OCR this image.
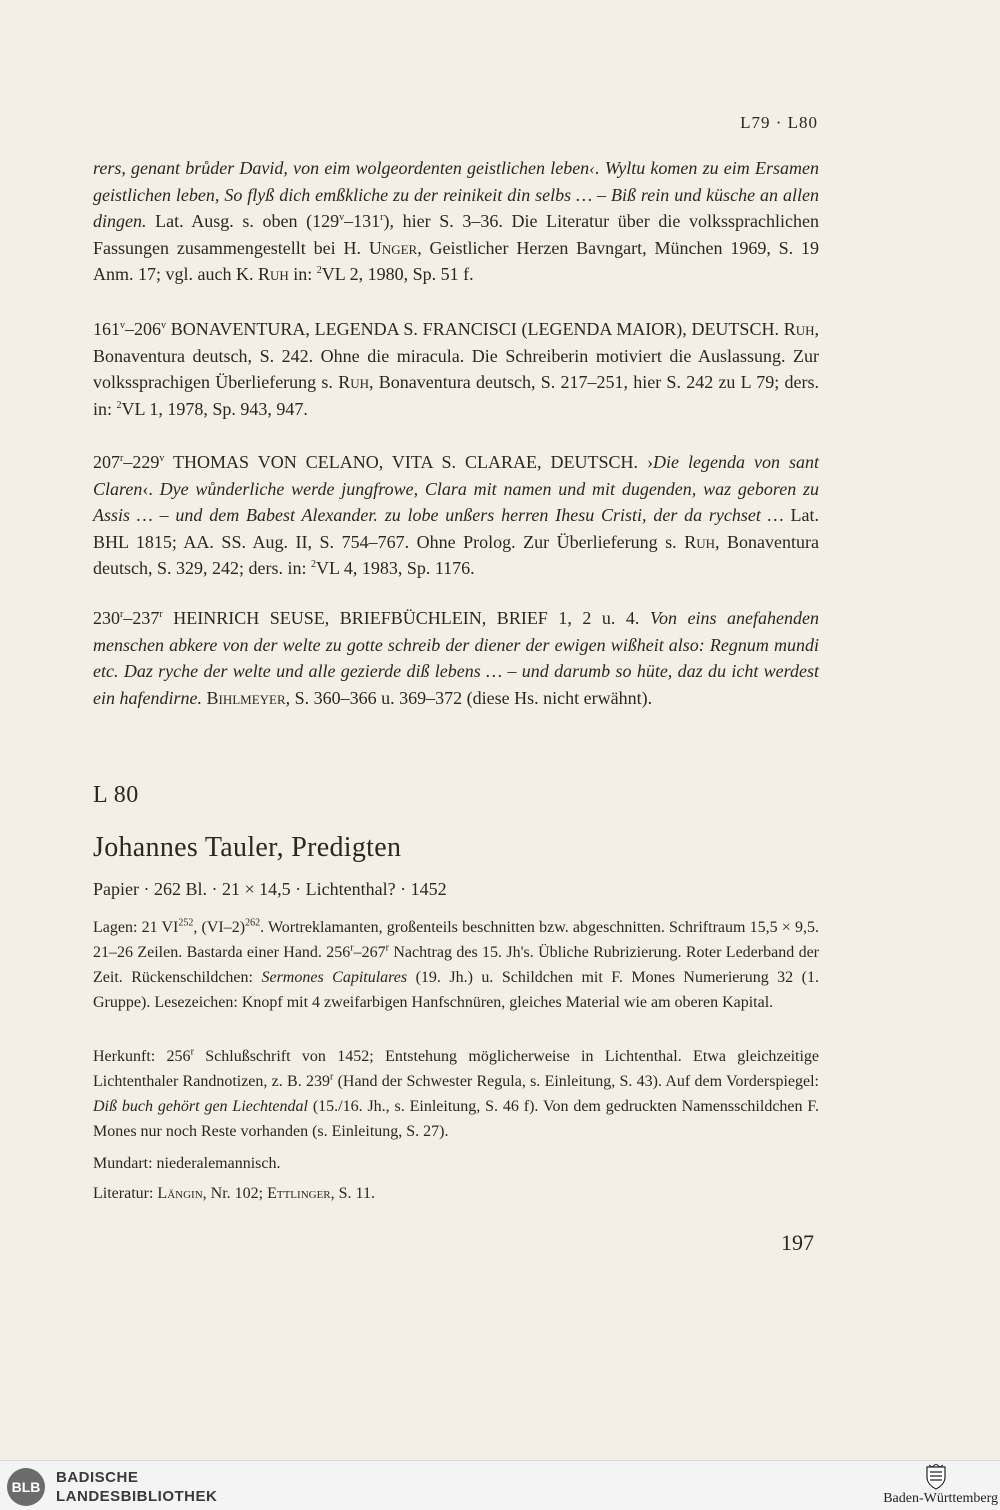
L79 · L80

rers, genant brůder David, von eim wolgeordenten geistlichen leben‹. Wyltu komen zu eim Ersamen geistlichen leben, So flyß dich emßkliche zu der reinikeit din selbs … – Biß rein und küsche an allen dingen. Lat. Ausg. s. oben (129$^v$–131$^r$), hier S. 3–36. Die Literatur über die volkssprachlichen Fassungen zusammengestellt bei H. Unger, Geistlicher Herzen Bavngart, München 1969, S. 19 Anm. 17; vgl. auch K. Ruh in: $^2$VL 2, 1980, Sp. 51 f.

161$^v$–206$^v$ BONAVENTURA, LEGENDA S. FRANCISCI (LEGENDA MAIOR), DEUTSCH. Ruh, Bonaventura deutsch, S. 242. Ohne die miracula. Die Schreiberin motiviert die Auslassung. Zur volkssprachigen Überlieferung s. Ruh, Bonaventura deutsch, S. 217–251, hier S. 242 zu L 79; ders. in: $^2$VL 1, 1978, Sp. 943, 947.

207$^r$–229$^v$ THOMAS VON CELANO, VITA S. CLARAE, DEUTSCH. ›Die legenda von sant Claren‹. Dye wůnderliche werde jungfrowe, Clara mit namen und mit dugenden, waz geboren zu Assis … – und dem Babest Alexander. zu lobe unßers herren Ihesu Cristi, der da rychset … Lat. BHL 1815; AA. SS. Aug. II, S. 754–767. Ohne Prolog. Zur Überlieferung s. Ruh, Bonaventura deutsch, S. 329, 242; ders. in: $^2$VL 4, 1983, Sp. 1176.

230$^r$–237$^r$ HEINRICH SEUSE, BRIEFBÜCHLEIN, BRIEF 1, 2 u. 4. Von eins anefahenden menschen abkere von der welte zu gotte schreib der diener der ewigen wißheit also: Regnum mundi etc. Daz ryche der welte und alle gezierde diß lebens … – und darumb so hüte, daz du icht werdest ein hafendirne. Bihlmeyer, S. 360–366 u. 369–372 (diese Hs. nicht erwähnt).

L 80
Johannes Tauler, Predigten
Papier · 262 Bl. · 21 × 14,5 · Lichtenthal? · 1452

Lagen: 21 VI$^{252}$, $(VI-2)^{262}$. Wortreklamanten, großenteils beschnitten bzw. abgeschnitten. Schriftraum 15,5 × 9,5. 21–26 Zeilen. Bastarda einer Hand. 256$^r$–267$^r$ Nachtrag des 15. Jh's. Übliche Rubrizierung. Roter Lederband der Zeit. Rückenschildchen: Sermones Capitulares (19. Jh.) u. Schildchen mit F. Mones Numerierung 32 (1. Gruppe). Lesezeichen: Knopf mit 4 zweifarbigen Hanfschnüren, gleiches Material wie am oberen Kapital.

Herkunft: 256$^r$ Schlußschrift von 1452; Entstehung möglicherweise in Lichtenthal. Etwa gleichzeitige Lichtenthaler Randnotizen, z. B. 239$^r$ (Hand der Schwester Regula, s. Einleitung, S. 43). Auf dem Vorderspiegel: Diß buch gehört gen Liechtendal (15./16. Jh., s. Einleitung, S. 46 f). Von dem gedruckten Namensschildchen F. Mones nur noch Reste vorhanden (s. Einleitung, S. 27).

Mundart: niederalemannisch.

Literatur: Längin, Nr. 102; Ettlinger, S. 11.

197
BLB
BADISCHE
LANDESBIBLIOTHEK	Baden-Württemberg
